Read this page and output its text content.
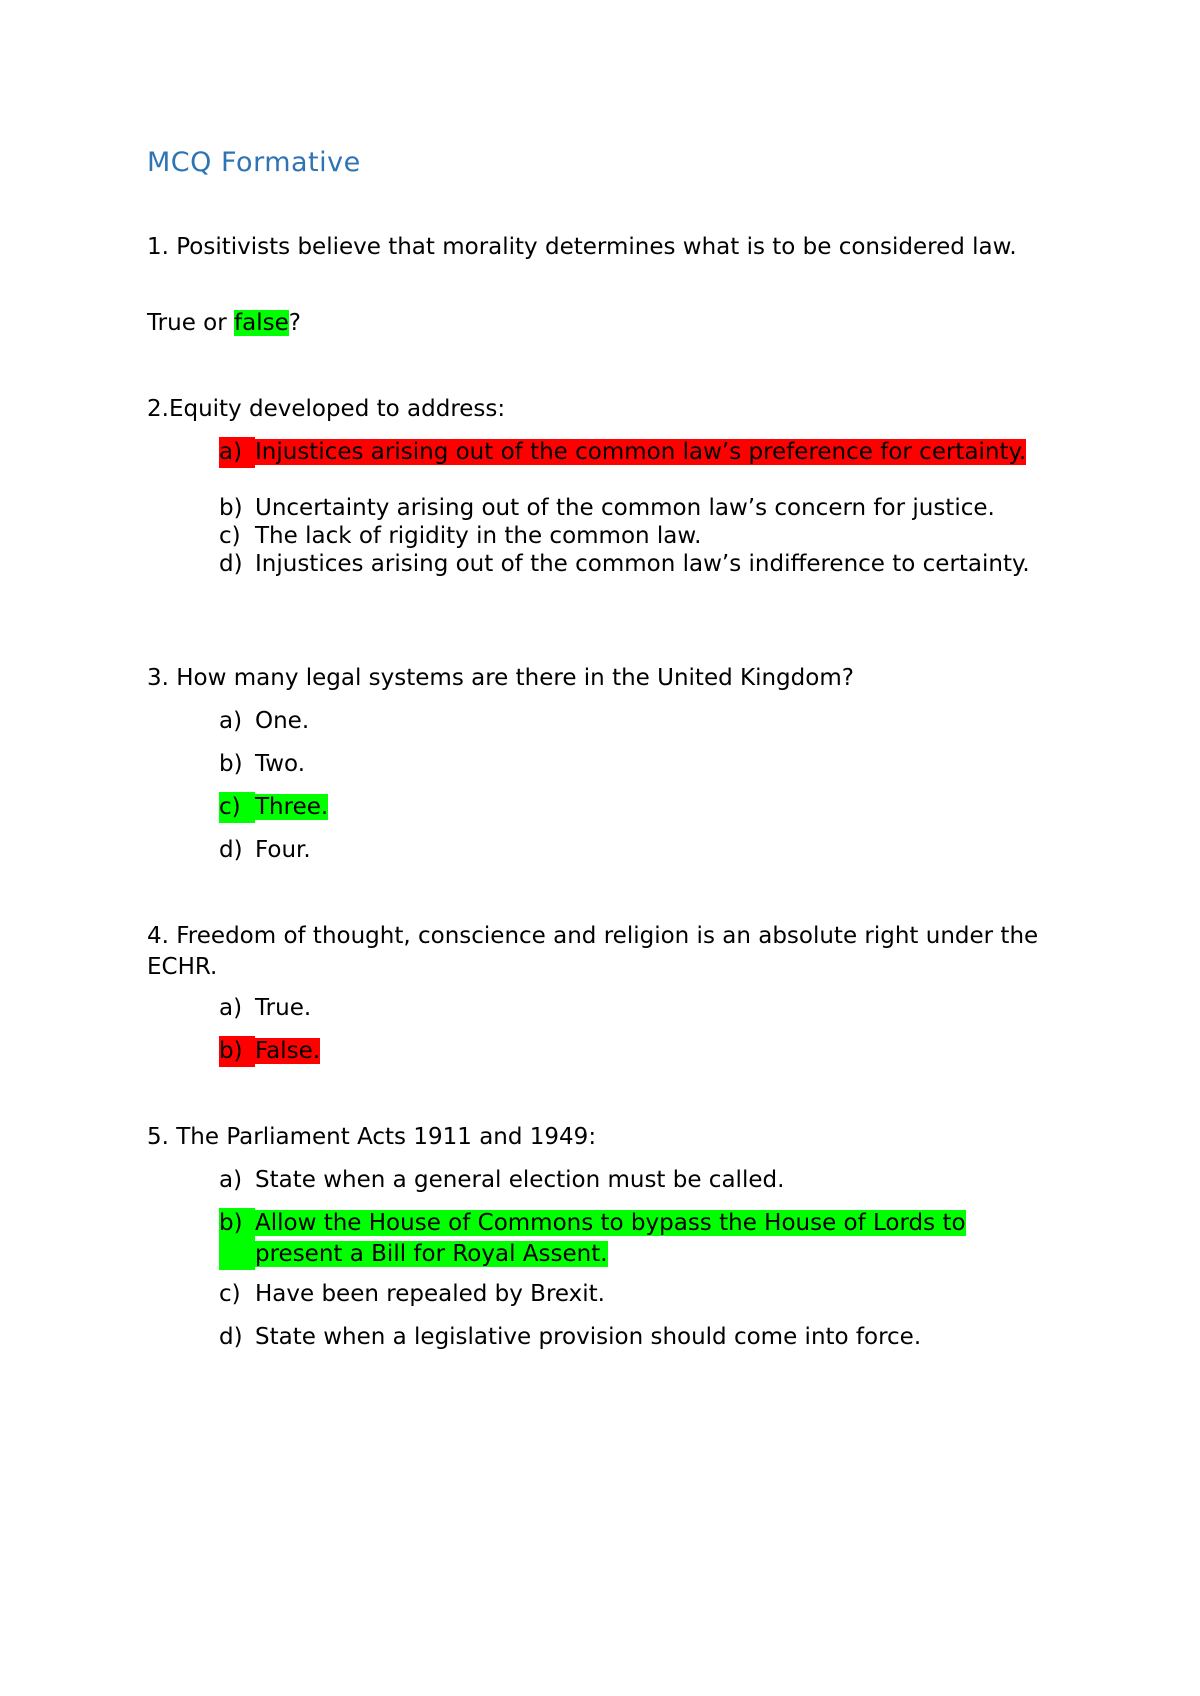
MCQ Formative

1. Positivists believe that morality determines what is to be considered law.

True or false?

2.Equity developed to address:

a) Injustices arising out of the common law’s preference for certainty.
b) Uncertainty arising out of the common law’s concern for justice.
c) The lack of rigidity in the common law.
d) Injustices arising out of the common law’s indifference to certainty.

3. How many legal systems are there in the United Kingdom?

a) One.
b) Two.
c) Three.
d) Four.

4. Freedom of thought, conscience and religion is an absolute right under the ECHR.

a) True.
b) False.

5. The Parliament Acts 1911 and 1949:

a) State when a general election must be called.
b) Allow the House of Commons to bypass the House of Lords to present a Bill for Royal Assent.
c) Have been repealed by Brexit.
d) State when a legislative provision should come into force.
